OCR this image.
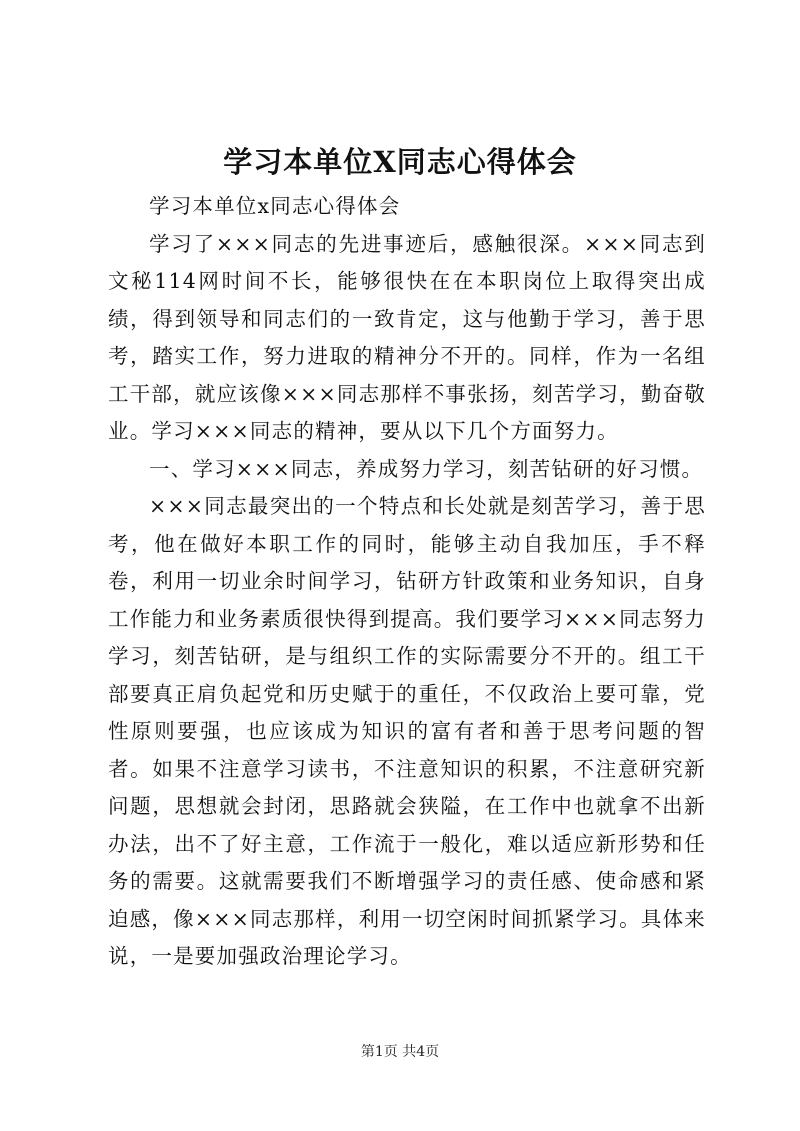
学习本单位X同志心得体会

学习本单位x同志心得体会

学习了×××同志的先进事迹后，感触很深。×××同志到文秘114网时间不长，能够很快在在本职岗位上取得突出成绩，得到领导和同志们的一致肯定，这与他勤于学习，善于思考，踏实工作，努力进取的精神分不开的。同样，作为一名组工干部，就应该像×××同志那样不事张扬，刻苦学习，勤奋敬业。学习×××同志的精神，要从以下几个方面努力。

一、学习×××同志，养成努力学习，刻苦钻研的好习惯。

×××同志最突出的一个特点和长处就是刻苦学习，善于思考，他在做好本职工作的同时，能够主动自我加压，手不释卷，利用一切业余时间学习，钻研方针政策和业务知识，自身工作能力和业务素质很快得到提高。我们要学习×××同志努力学习，刻苦钻研，是与组织工作的实际需要分不开的。组工干部要真正肩负起党和历史赋于的重任，不仅政治上要可靠，党性原则要强，也应该成为知识的富有者和善于思考问题的智者。如果不注意学习读书，不注意知识的积累，不注意研究新问题，思想就会封闭，思路就会狭隘，在工作中也就拿不出新办法，出不了好主意，工作流于一般化，难以适应新形势和任务的需要。这就需要我们不断增强学习的责任感、使命感和紧迫感，像×××同志那样，利用一切空闲时间抓紧学习。具体来说，一是要加强政治理论学习。

第1页 共4页
